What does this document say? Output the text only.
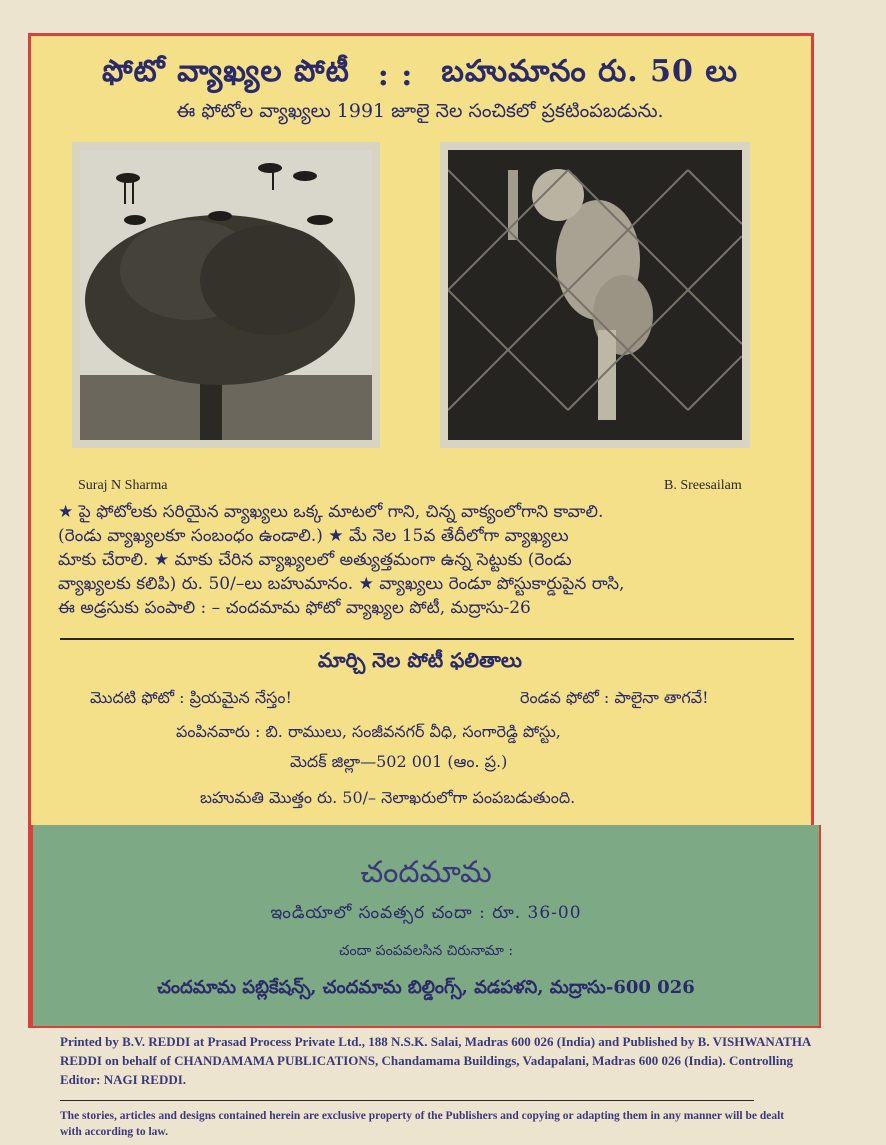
ఫోటో వ్యాఖ్యల పోటీ : : బహుమానం రు. 50 లు
ఈ ఫోటోల వ్యాఖ్యలు 1991 జూలై నెల సంచికలో ప్రకటింపబడును.
Suraj N Sharma	B. Sreesailam
★ పై ఫోటోలకు సరియైన వ్యాఖ్యలు ఒక్క మాటలో గాని, చిన్న వాక్యంలోగాని కావాలి.
(రెండు వ్యాఖ్యలకూ సంబంధం ఉండాలి.) ★ మే నెల 15వ తేదీలోగా వ్యాఖ్యలు
మాకు చేరాలి. ★ మాకు చేరిన వ్యాఖ్యలలో అత్యుత్తమంగా ఉన్న సెట్టుకు (రెండు
వ్యాఖ్యలకు కలిపి) రు. 50/–లు బహుమానం. ★ వ్యాఖ్యలు రెండూ పోస్టుకార్డుపైన రాసి,
ఈ అడ్రసుకు పంపాలి : – చందమామ ఫోటో వ్యాఖ్యల పోటీ, మద్రాసు-26
మార్చి నెల పోటీ ఫలితాలు
మొదటి ఫోటో : ప్రియమైన నేస్తం!	రెండవ ఫోటో : పాలైనా తాగవే!
పంపినవారు : బి. రాములు, సంజీవనగర్ వీధి, సంగారెడ్డి పోస్టు,
మెదక్ జిల్లా—502 001 (ఆం. ప్ర.)
బహుమతి మొత్తం రు. 50/– నెలాఖరులోగా పంపబడుతుంది.
చందమామ
ఇండియాలో సంవత్సర చందా : రూ. 36-00
చందా పంపవలసిన చిరునామా :
చందమామ పబ్లికేషన్స్, చందమామ బిల్డింగ్స్, వడపళని, మద్రాసు-600 026
Printed by B.V. REDDI at Prasad Process Private Ltd., 188 N.S.K. Salai, Madras 600 026 (India) and Published by B. VISHWANATHA REDDI on behalf of CHANDAMAMA PUBLICATIONS, Chandamama Buildings, Vadapalani, Madras 600 026 (India). Controlling Editor: NAGI REDDI.
The stories, articles and designs contained herein are exclusive property of the Publishers and copying or adapting them in any manner will be dealt with according to law.
